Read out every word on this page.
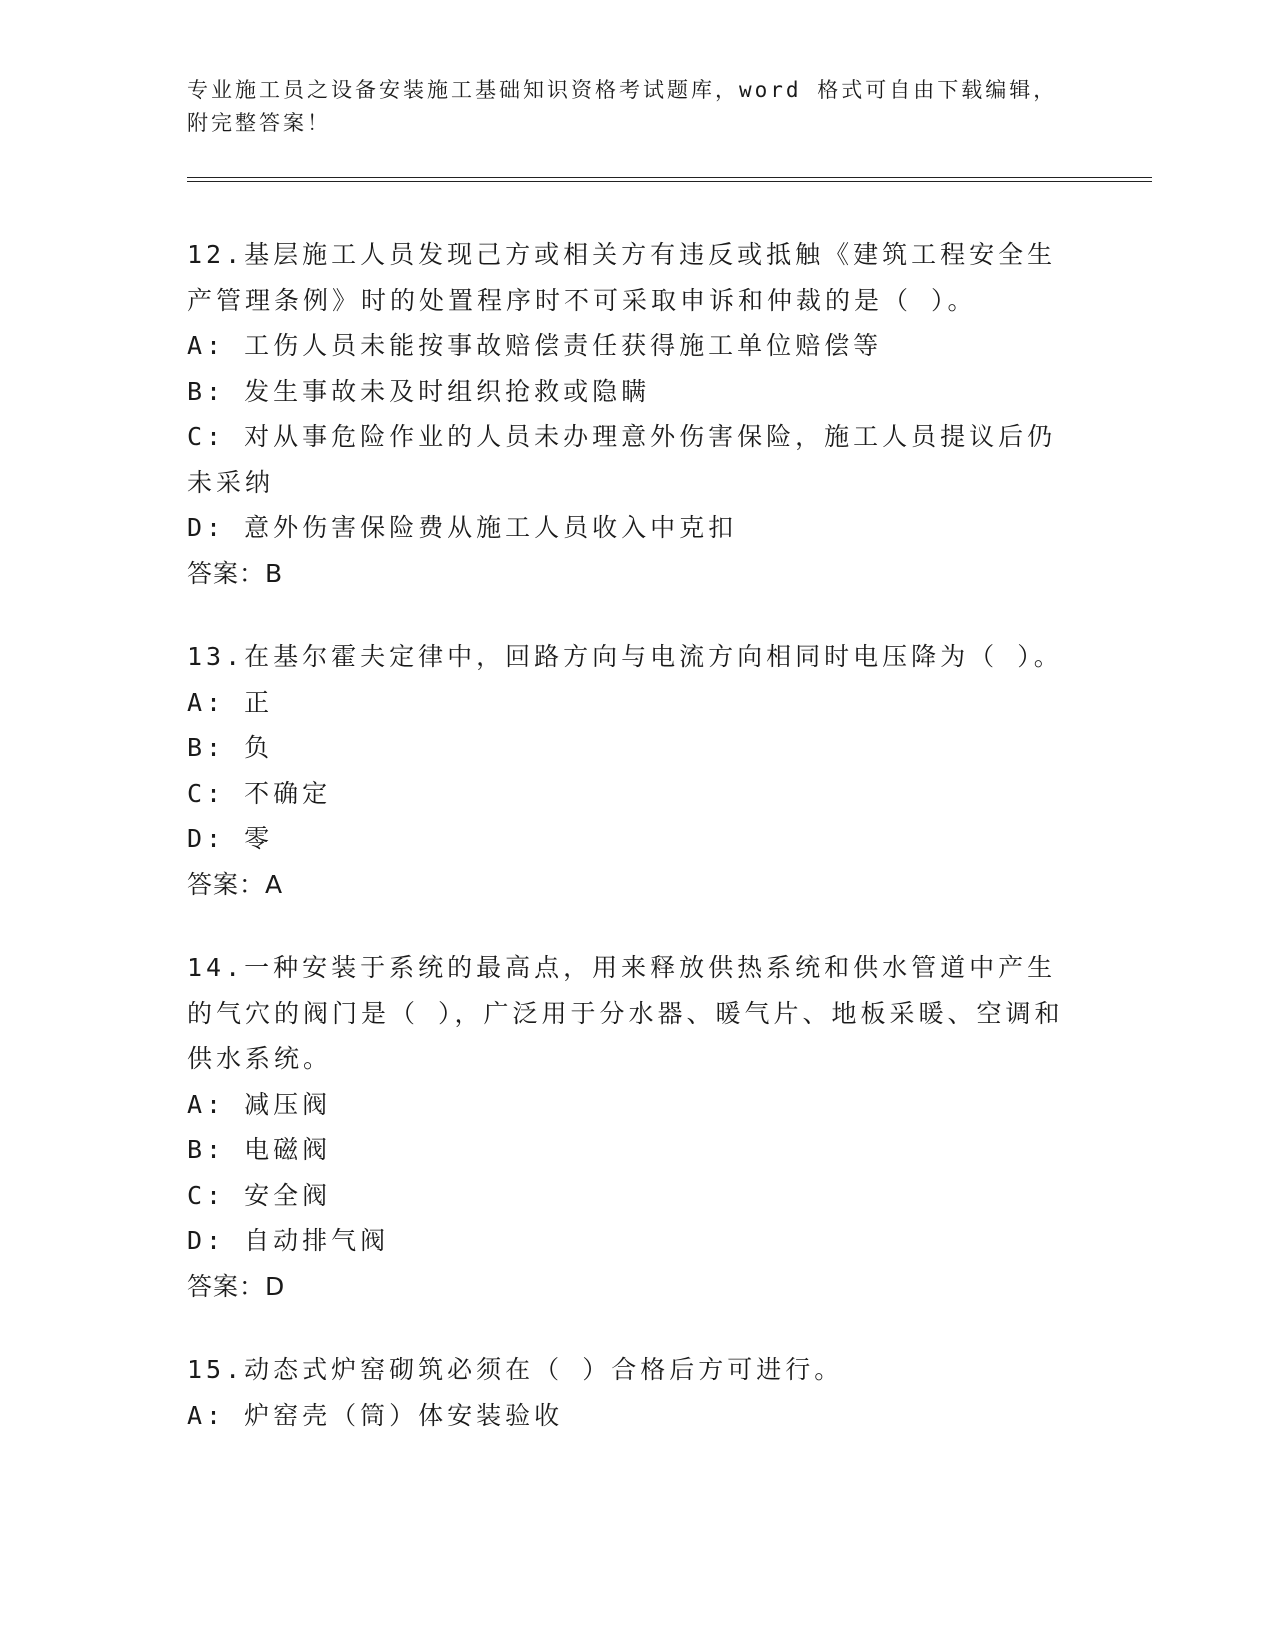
专业施工员之设备安装施工基础知识资格考试题库，word 格式可自由下载编辑，
附完整答案！
12.基层施工人员发现己方或相关方有违反或抵触《建筑工程安全生产管理条例》时的处置程序时不可采取申诉和仲裁的是（ ）。
A: 工伤人员未能按事故赔偿责任获得施工单位赔偿等
B: 发生事故未及时组织抢救或隐瞒
C: 对从事危险作业的人员未办理意外伤害保险，施工人员提议后仍未采纳
D: 意外伤害保险费从施工人员收入中克扣
答案：B
13.在基尔霍夫定律中，回路方向与电流方向相同时电压降为（ ）。
A: 正
B: 负
C: 不确定
D: 零
答案：A
14.一种安装于系统的最高点，用来释放供热系统和供水管道中产生的气穴的阀门是（ ），广泛用于分水器、暖气片、地板采暖、空调和供水系统。
A: 减压阀
B: 电磁阀
C: 安全阀
D: 自动排气阀
答案：D
15.动态式炉窑砌筑必须在（ ）合格后方可进行。
A: 炉窑壳（筒）体安装验收
